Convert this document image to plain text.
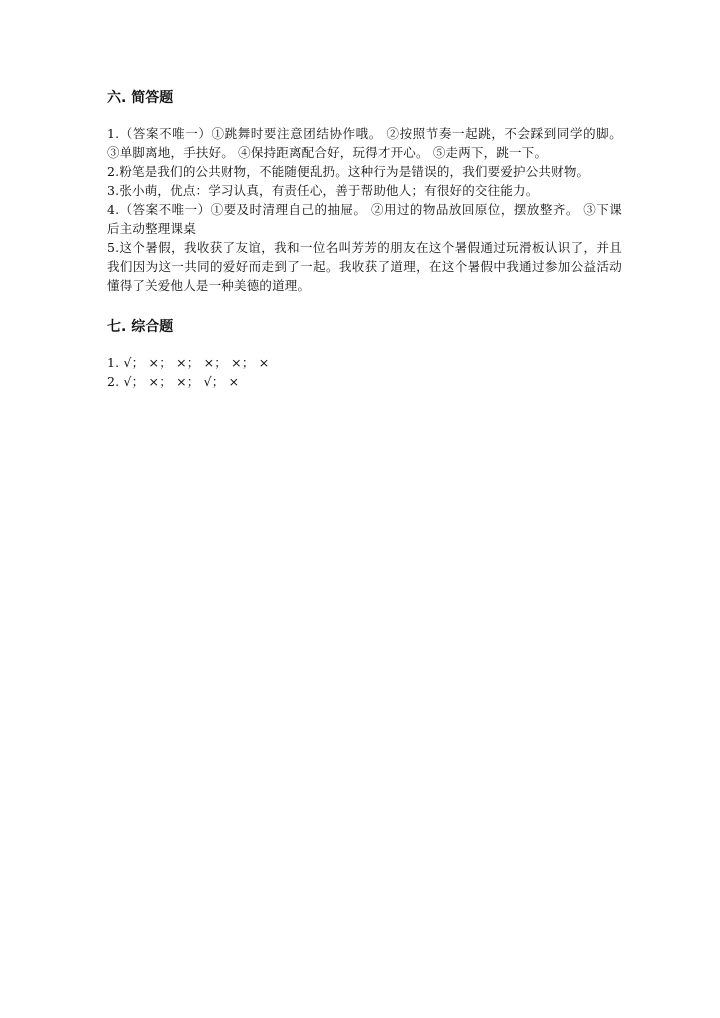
六. 简答题

1.（答案不唯一）①跳舞时要注意团结协作哦。 ②按照节奏一起跳，不会踩到同学的脚。 ③单脚离地，手扶好。 ④保持距离配合好，玩得才开心。 ⑤走两下，跳一下。

2.粉笔是我们的公共财物，不能随便乱扔。这种行为是错误的，我们要爱护公共财物。

3.张小萌，优点：学习认真，有责任心，善于帮助他人；有很好的交往能力。

4.（答案不唯一）①要及时清理自己的抽屉。 ②用过的物品放回原位，摆放整齐。 ③下课后主动整理课桌

5.这个暑假，我收获了友谊，我和一位名叫芳芳的朋友在这个暑假通过玩滑板认识了，并且我们因为这一共同的爱好而走到了一起。我收获了道理，在这个暑假中我通过参加公益活动懂得了关爱他人是一种美德的道理。

七. 综合题

1. √； ×； ×； ×； ×； ×

2. √； ×； ×； √； ×
